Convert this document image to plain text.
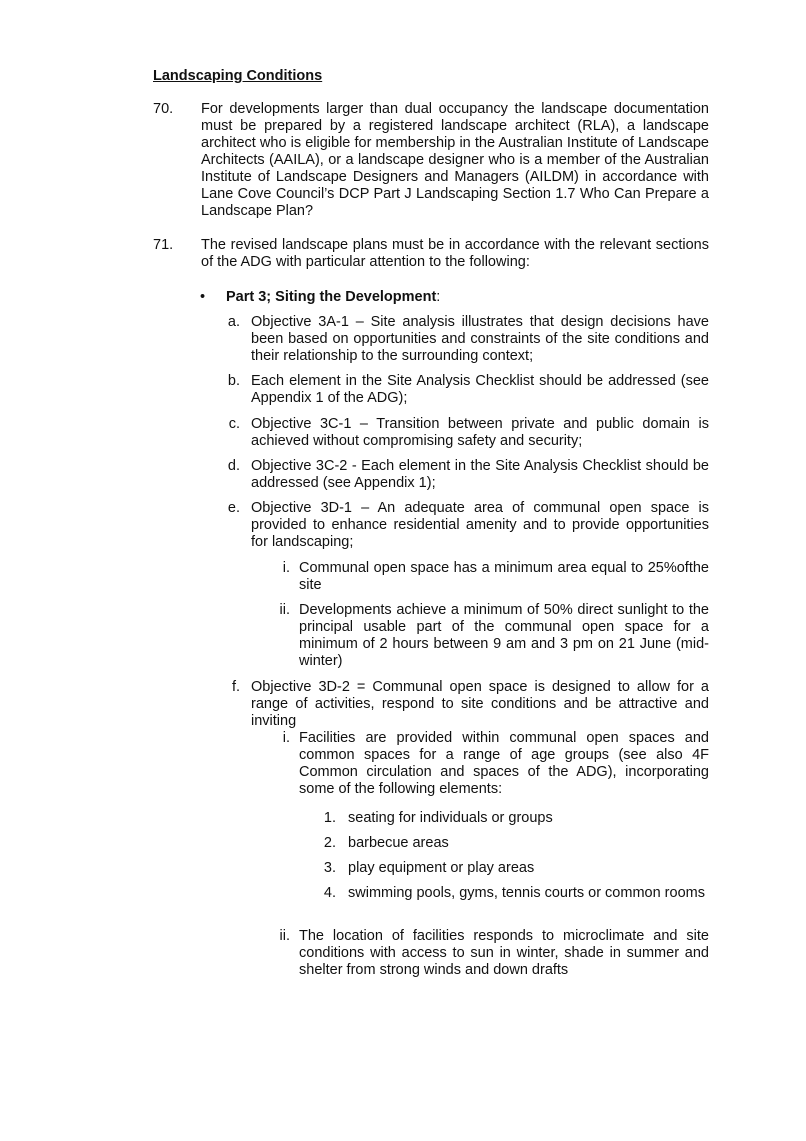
Landscaping Conditions
70. For developments larger than dual occupancy the landscape documentation must be prepared by a registered landscape architect (RLA), a landscape architect who is eligible for membership in the Australian Institute of Landscape Architects (AAILA), or a landscape designer who is a member of the Australian Institute of Landscape Designers and Managers (AILDM) in accordance with Lane Cove Council’s DCP Part J Landscaping Section 1.7 Who Can Prepare a Landscape Plan?
71. The revised landscape plans must be in accordance with the relevant sections of the ADG with particular attention to the following:
• Part 3; Siting the Development:
a. Objective 3A-1 – Site analysis illustrates that design decisions have been based on opportunities and constraints of the site conditions and their relationship to the surrounding context;
b. Each element in the Site Analysis Checklist should be addressed (see Appendix 1 of the ADG);
c. Objective 3C-1 – Transition between private and public domain is achieved without compromising safety and security;
d. Objective 3C-2 - Each element in the Site Analysis Checklist should be addressed (see Appendix 1);
e. Objective 3D-1 – An adequate area of communal open space is provided to enhance residential amenity and to provide opportunities for landscaping;
i. Communal open space has a minimum area equal to 25%ofthe site
ii. Developments achieve a minimum of 50% direct sunlight to the principal usable part of the communal open space for a minimum of 2 hours between 9 am and 3 pm on 21 June (mid-winter)
f. Objective 3D-2 = Communal open space is designed to allow for a range of activities, respond to site conditions and be attractive and inviting
i. Facilities are provided within communal open spaces and common spaces for a range of age groups (see also 4F Common circulation and spaces of the ADG), incorporating some of the following elements:
1. seating for individuals or groups
2. barbecue areas
3. play equipment or play areas
4. swimming pools, gyms, tennis courts or common rooms
ii. The location of facilities responds to microclimate and site conditions with access to sun in winter, shade in summer and shelter from strong winds and down drafts
